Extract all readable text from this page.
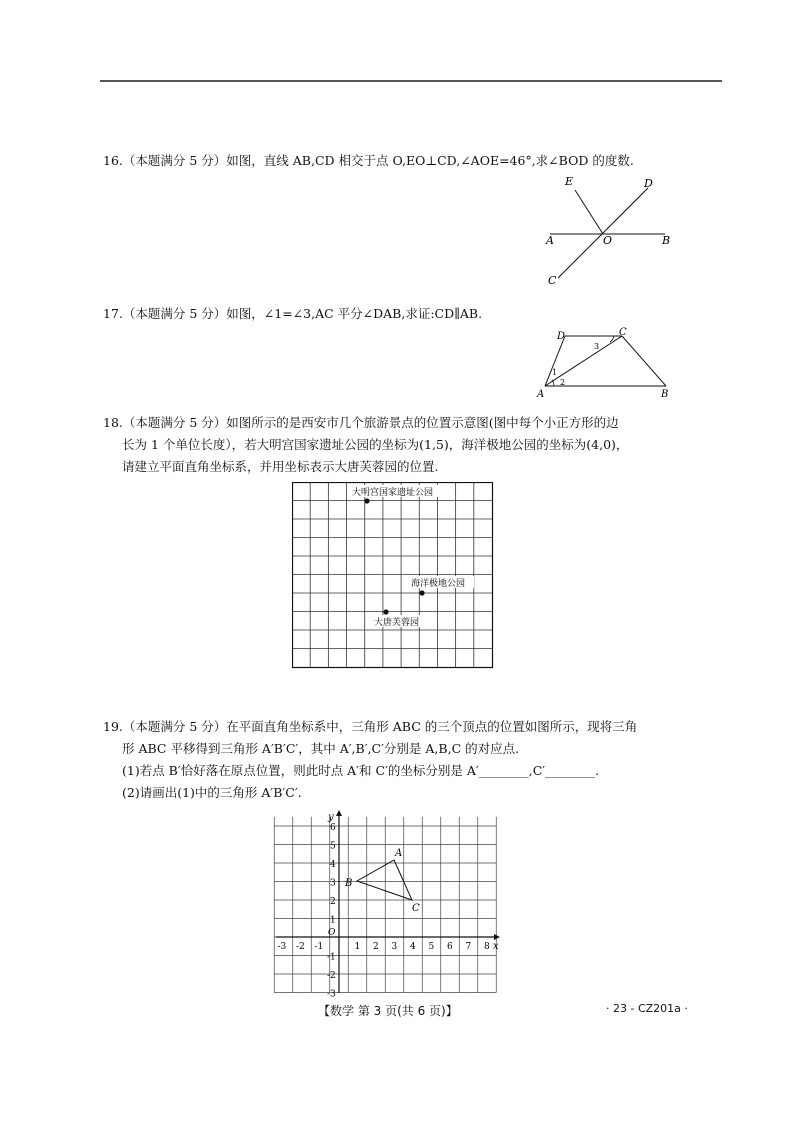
16.（本题满分 5 分）如图，直线 AB,CD 相交于点 O,EO⊥CD,∠AOE=46°,求∠BOD 的度数.
E	D
A	O	B
C
17.（本题满分 5 分）如图，∠1=∠3,AC 平分∠DAB,求证:CD∥AB.
D	C
A	B
1
2
3
18.（本题满分 5 分）如图所示的是西安市几个旅游景点的位置示意图(图中每个小正方形的边
长为 1 个单位长度），若大明宫国家遗址公园的坐标为(1,5)，海洋极地公园的坐标为(4,0)，
请建立平面直角坐标系，并用坐标表示大唐芙蓉园的位置.
大明宫国家遗址公园
海洋极地公园
大唐芙蓉园
19.（本题满分 5 分）在平面直角坐标系中，三角形 ABC 的三个顶点的位置如图所示，现将三角
形 ABC 平移得到三角形 A′B′C′，其中 A′,B′,C′分别是 A,B,C 的对应点.
(1)若点 B′恰好落在原点位置，则此时点 A′和 C′的坐标分别是 A′________,C′________.
(2)请画出(1)中的三角形 A′B′C′.
x
y
O
-3 -2 -1	1 2 3 4 5 6 7 8
6
5
4
3
2
1
-1
-2
-3
A
B
C
【数学 第 3 页(共 6 页)】	· 23 - CZ201a ·
